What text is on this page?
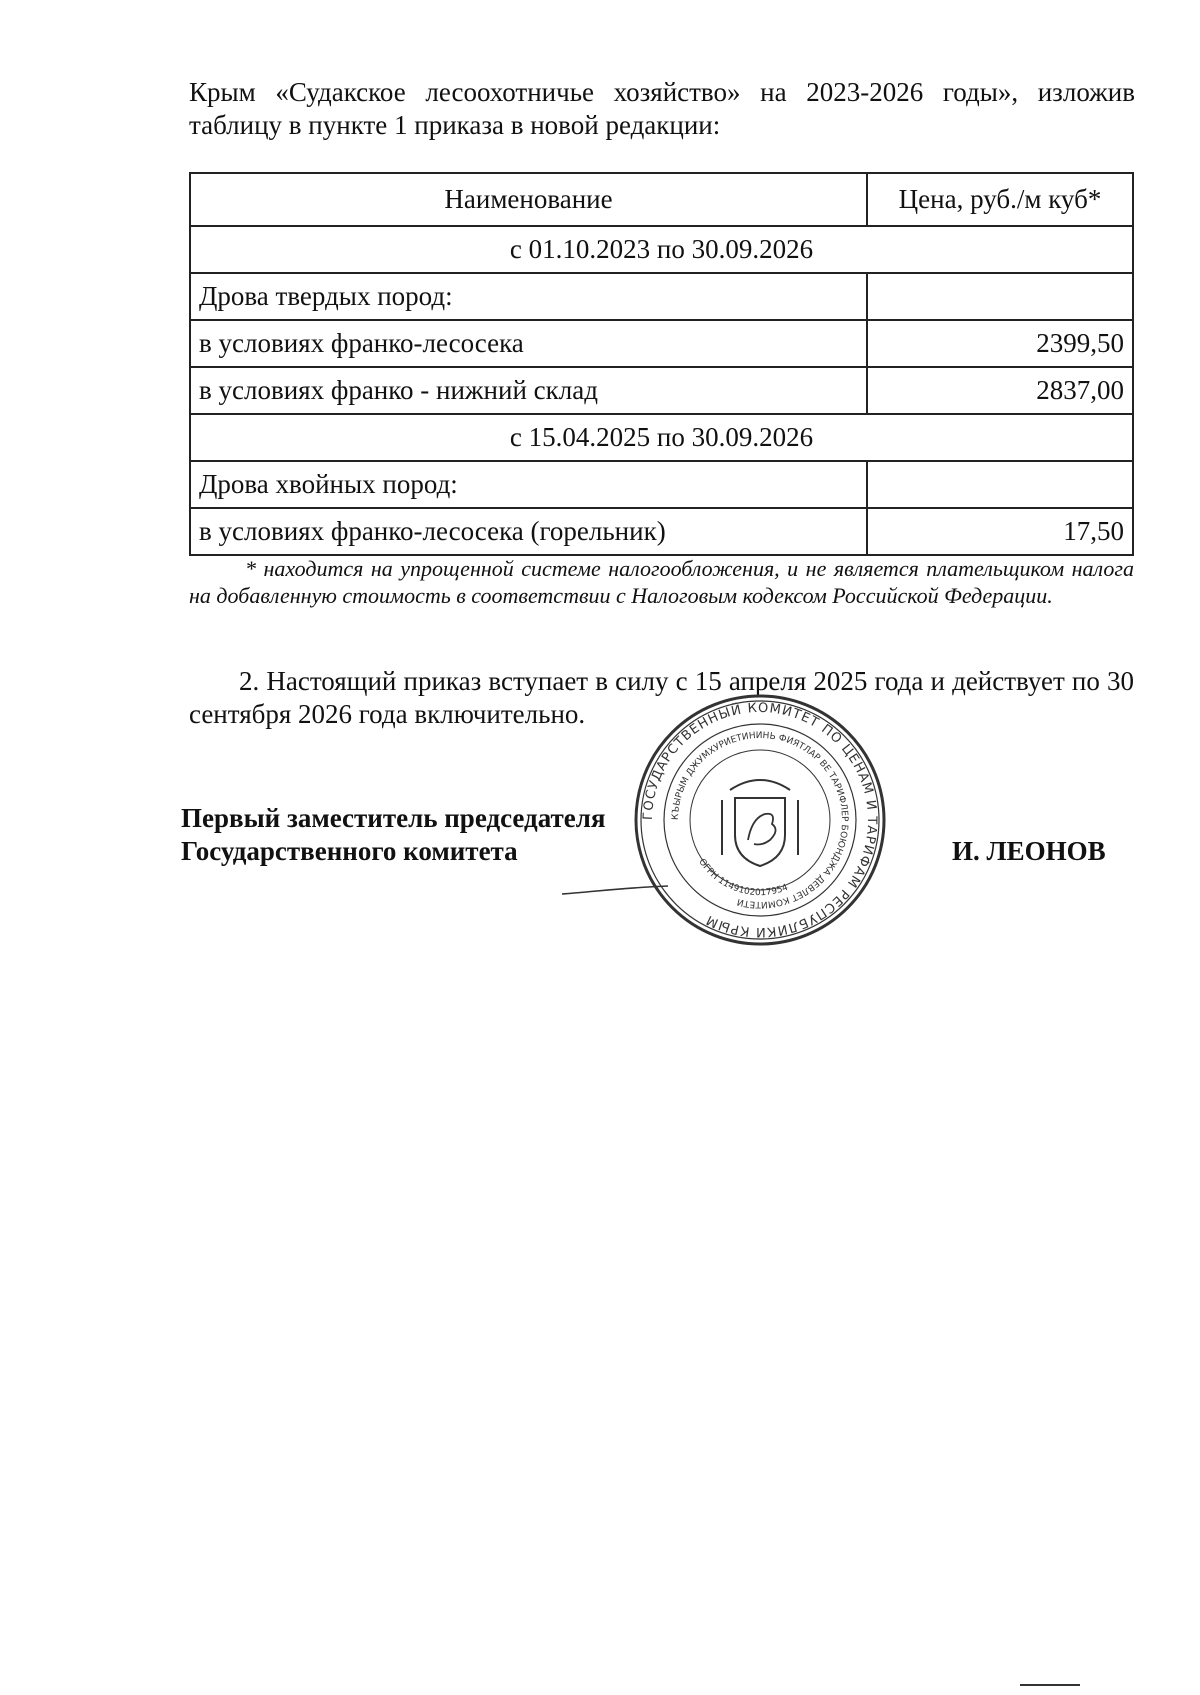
Крым «Судакское лесоохотничье хозяйство» на 2023-2026 годы», изложив
таблицу в пункте 1 приказа в новой редакции:
Наименование	Цена, руб./м куб*
с 01.10.2023 по 30.09.2026	
Дрова твердых пород:	
в условиях франко-лесосека	2399,50
в условиях франко - нижний склад	2837,00
с 15.04.2025 по 30.09.2026	
Дрова хвойных пород:	
в условиях франко-лесосека (горельник)	17,50
* находится на упрощенной системе налогообложения, и не является плательщиком налога на добавленную стоимость в соответствии с Налоговым кодексом Российской Федерации.
2. Настоящий приказ вступает в силу с 15 апреля 2025 года и действует по 30 сентября 2026 года включительно.
Первый заместитель председателя
Государственного комитета	И. ЛЕОНОВ
ГОСУДАРСТВЕННЫЙ КОМИТЕТ ПО ЦЕНАМ И ТАРИФАМ РЕСПУБЛИКИ КРЫМ
КЪЫРЫМ ДЖУМХУРИЕТИНИНЬ ФИЯТЛАР ВЕ ТАРИФЛЕР БОЮНДЖА ДЕВЛЕТ КОМИТЕТИ
ОГРН 1149102017954
